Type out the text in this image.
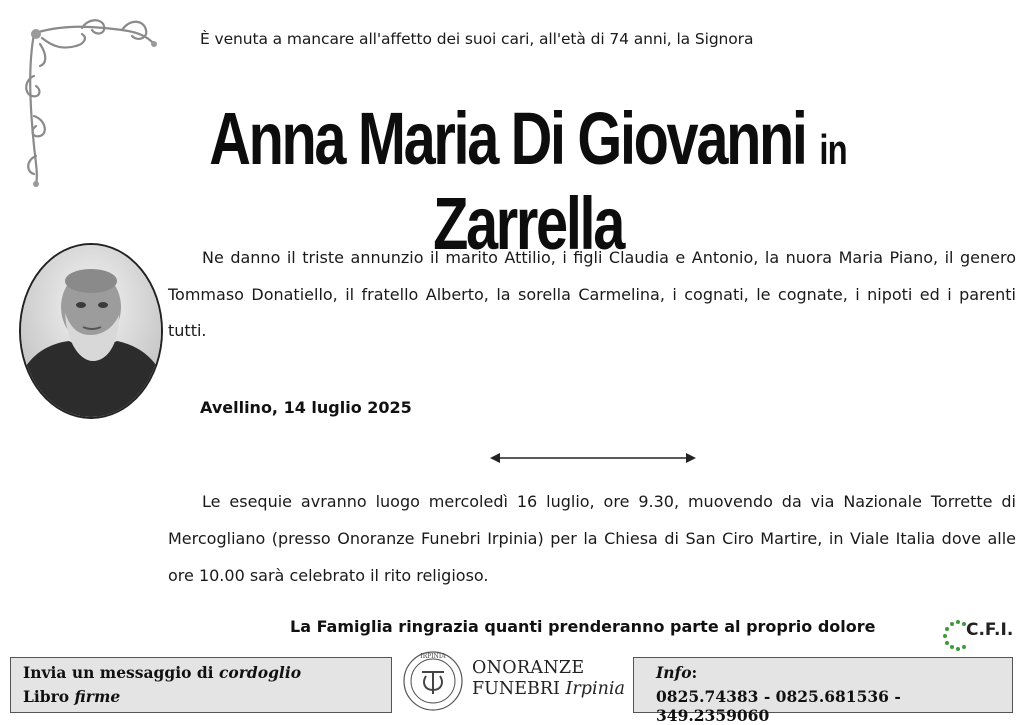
È venuta a mancare all'affetto dei suoi cari, all'età di 74 anni, la Signora
Anna Maria Di Giovanni in Zarrella
Ne danno il triste annunzio il marito Attilio, i figli Claudia e Antonio, la nuora Maria Piano, il genero Tommaso Donatiello, il fratello Alberto, la sorella Carmelina, i cognati, le cognate, i nipoti ed i parenti tutti.
Avellino, 14 luglio 2025
Le esequie avranno luogo mercoledì 16 luglio, ore 9.30, muovendo da via Nazionale Torrette di Mercogliano (presso Onoranze Funebri Irpinia) per la Chiesa di San Ciro Martire, in Viale Italia dove alle ore 10.00 sarà celebrato il rito religioso.
La Famiglia ringrazia quanti prenderanno parte al proprio dolore	C.F.I.
Invia un messaggio di cordoglio
Libro firme
IRPINIA
ONORANZE
FUNEBRI Irpinia
Info:
0825.74383 - 0825.681536 - 349.2359060
